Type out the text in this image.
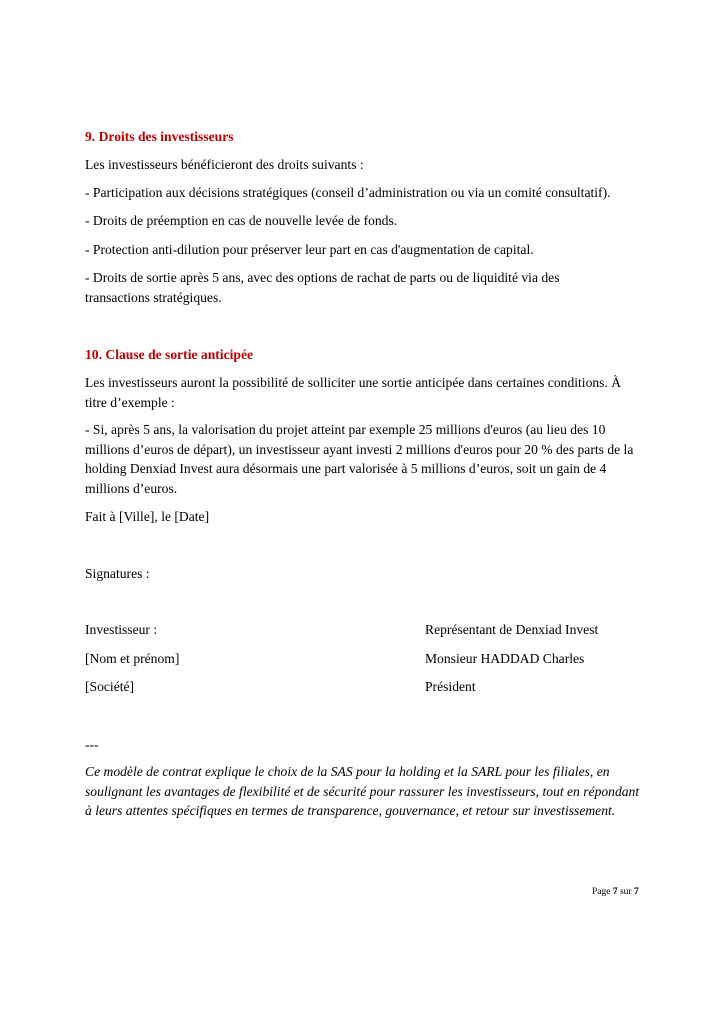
9. Droits des investisseurs
Les investisseurs bénéficieront des droits suivants :
- Participation aux décisions stratégiques (conseil d’administration ou via un comité consultatif).
- Droits de préemption en cas de nouvelle levée de fonds.
- Protection anti-dilution pour préserver leur part en cas d'augmentation de capital.
- Droits de sortie après 5 ans, avec des options de rachat de parts ou de liquidité via des transactions stratégiques.
10. Clause de sortie anticipée
Les investisseurs auront la possibilité de solliciter une sortie anticipée dans certaines conditions. À titre d’exemple :
- Si, après 5 ans, la valorisation du projet atteint par exemple 25 millions d'euros (au lieu des 10 millions d’euros de départ), un investisseur ayant investi 2 millions d'euros pour 20 % des parts de la holding Denxiad Invest aura désormais une part valorisée à 5 millions d’euros, soit un gain de 4 millions d’euros.
Fait à [Ville], le [Date]
Signatures :
Investisseur :
[Nom et prénom]
[Société]
Représentant de Denxiad Invest
Monsieur HADDAD Charles
Président
---
Ce modèle de contrat explique le choix de la SAS pour la holding et la SARL pour les filiales, en soulignant les avantages de flexibilité et de sécurité pour rassurer les investisseurs, tout en répondant à leurs attentes spécifiques en termes de transparence, gouvernance, et retour sur investissement.
Page 7 sur 7
